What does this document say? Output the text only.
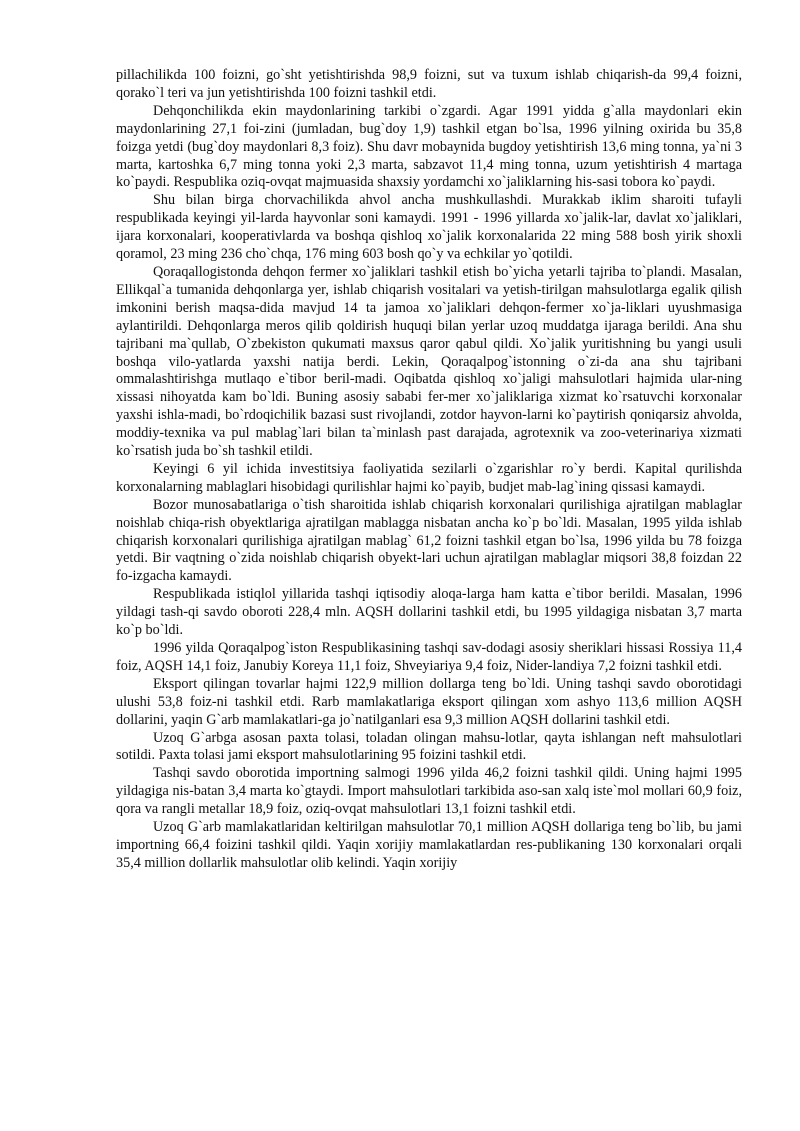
pillachilikda 100 foizni, go`sht yetishtirishda 98,9 foizni, sut va tuxum ishlab chiqarish-da 99,4 foizni, qorako`l teri va jun yetishtirishda 100 foizni tashkil etdi.

Dehqonchilikda ekin maydonlarining tarkibi o`zgardi. Agar 1991 yidda g`alla maydonlari ekin maydonlarining 27,1 foi-zini (jumladan, bug`doy 1,9) tashkil etgan bo`lsa, 1996 yilning oxirida bu 35,8 foizga yetdi (bug`doy maydonlari 8,3 foiz). Shu davr mobaynida bugdoy yetishtirish 13,6 ming tonna, ya`ni 3 marta, kartoshka 6,7 ming tonna yoki 2,3 marta, sabzavot 11,4 ming tonna, uzum yetishtirish 4 martaga ko`paydi. Respublika oziq-ovqat majmuasida shaxsiy yordamchi xo`jaliklarning his-sasi tobora ko`paydi.

Shu bilan birga chorvachilikda ahvol ancha mushkullashdi. Murakkab iklim sharoiti tufayli respublikada keyingi yil-larda hayvonlar soni kamaydi. 1991 - 1996 yillarda xo`jalik-lar, davlat xo`jaliklari, ijara korxonalari, kooperativlarda va boshqa qishloq xo`jalik korxonalarida 22 ming 588 bosh yirik shoxli qoramol, 23 ming 236 cho`chqa, 176 ming 603 bosh qo`y va echkilar yo`qotildi.

Qoraqallogistonda dehqon fermer xo`jaliklari tashkil etish bo`yicha yetarli tajriba to`plandi. Masalan, Ellikqal`a tumanida dehqonlarga yer, ishlab chiqarish vositalari va yetish-tirilgan mahsulotlarga egalik qilish imkonini berish maqsa-dida mavjud 14 ta jamoa xo`jaliklari dehqon-fermer xo`ja-liklari uyushmasiga aylantirildi. Dehqonlarga meros qilib qoldirish huquqi bilan yerlar uzoq muddatga ijaraga berildi. Ana shu tajribani ma`qullab, O`zbekiston qukumati maxsus qaror qabul qildi. Xo`jalik yuritishning bu yangi usuli boshqa vilo-yatlarda yaxshi natija berdi. Lekin, Qoraqalpog`istonning o`zi-da ana shu tajribani ommalashtirishga mutlaqo e`tibor beril-madi. Oqibatda qishloq xo`jaligi mahsulotlari hajmida ular-ning xissasi nihoyatda kam bo`ldi. Buning asosiy sababi fer-mer xo`jaliklariga xizmat ko`rsatuvchi korxonalar yaxshi ishla-madi, bo`rdoqichilik bazasi sust rivojlandi, zotdor hayvon-larni ko`paytirish qoniqarsiz ahvolda, moddiy-texnika va pul mablag`lari bilan ta`minlash past darajada, agrotexnik va zoo-veterinariya xizmati ko`rsatish juda bo`sh tashkil etildi.

Keyingi 6 yil ichida investitsiya faoliyatida sezilarli o`zgarishlar ro`y berdi. Kapital qurilishda korxonalarning mablaglari hisobidagi qurilishlar hajmi ko`payib, budjet mab-lag`ining qissasi kamaydi.

Bozor munosabatlariga o`tish sharoitida ishlab chiqarish korxonalari qurilishiga ajratilgan mablaglar noishlab chiqa-rish obyektlariga ajratilgan mablagga nisbatan ancha ko`p bo`ldi. Masalan, 1995 yilda ishlab chiqarish korxonalari qurilishiga ajratilgan mablag` 61,2 foizni tashkil etgan bo`lsa, 1996 yilda bu 78 foizga yetdi. Bir vaqtning o`zida noishlab chiqarish obyekt-lari uchun ajratilgan mablaglar miqsori 38,8 foizdan 22 fo-izgacha kamaydi.

Respublikada istiqlol yillarida tashqi iqtisodiy aloqa-larga ham katta e`tibor berildi. Masalan, 1996 yildagi tash-qi savdo oboroti 228,4 mln. AQSH dollarini tashkil etdi, bu 1995 yildagiga nisbatan 3,7 marta ko`p bo`ldi.

1996 yilda Qoraqalpog`iston Respublikasining tashqi sav-dodagi asosiy sheriklari hissasi Rossiya 11,4 foiz, AQSH 14,1 foiz, Janubiy Koreya 11,1 foiz, Shveyiariya 9,4 foiz, Nider-landiya 7,2 foizni tashkil etdi.

Eksport qilingan tovarlar hajmi 122,9 million dollarga teng bo`ldi. Uning tashqi savdo oborotidagi ulushi 53,8 foiz-ni tashkil etdi. Rarb mamlakatlariga eksport qilingan xom ashyo 113,6 million AQSH dollarini, yaqin G`arb mamlakatlari-ga jo`natilganlari esa 9,3 million AQSH dollarini tashkil etdi.

Uzoq G`arbga asosan paxta tolasi, toladan olingan mahsu-lotlar, qayta ishlangan neft mahsulotlari sotildi. Paxta tolasi jami eksport mahsulotlarining 95 foizini tashkil etdi.

Tashqi savdo oborotida importning salmogi 1996 yilda 46,2 foizni tashkil qildi. Uning hajmi 1995 yildagiga nis-batan 3,4 marta ko`gtaydi. Import mahsulotlari tarkibida aso-san xalq iste`mol mollari 60,9 foiz, qora va rangli metallar 18,9 foiz, oziq-ovqat mahsulotlari 13,1 foizni tashkil etdi.

Uzoq G`arb mamlakatlaridan keltirilgan mahsulotlar 70,1 million AQSH dollariga teng bo`lib, bu jami importning 66,4 foizini tashkil qildi. Yaqin xorijiy mamlakatlardan res-publikaning 130 korxonalari orqali 35,4 million dollarlik mahsulotlar olib kelindi. Yaqin xorijiy
